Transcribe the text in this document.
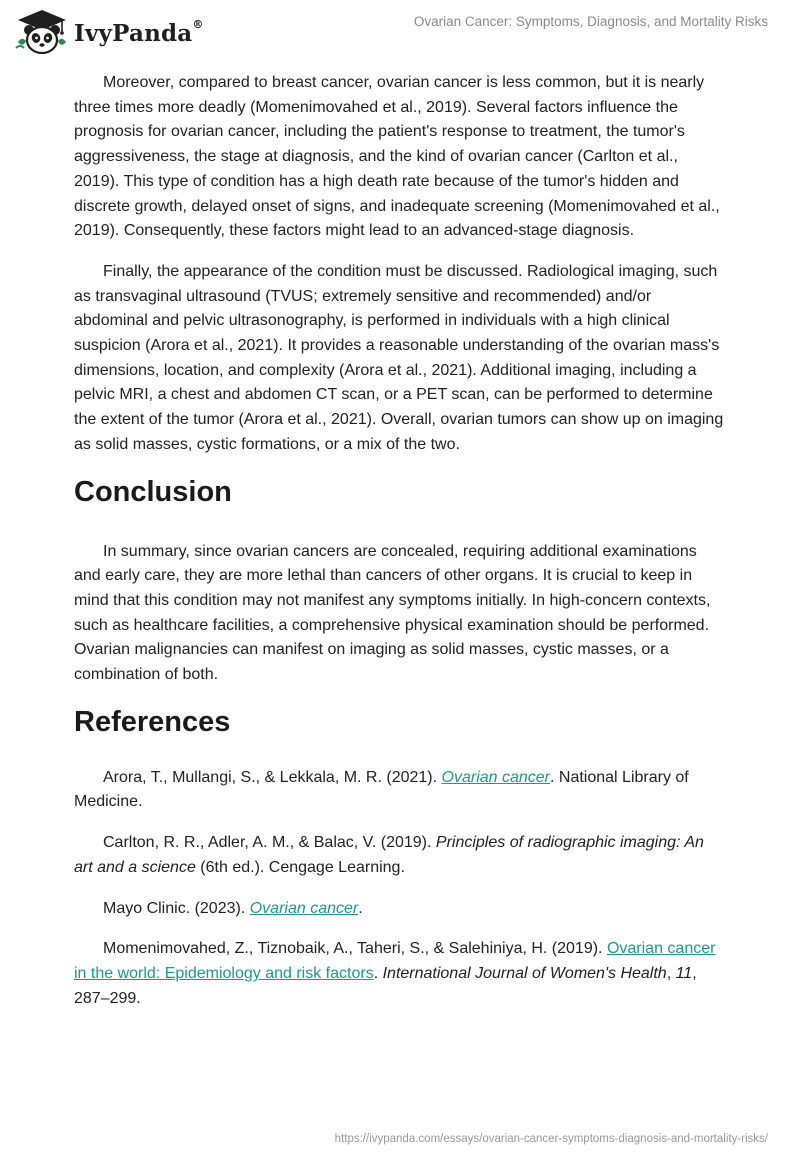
IvyPanda®	Ovarian Cancer: Symptoms, Diagnosis, and Mortality Risks

Moreover, compared to breast cancer, ovarian cancer is less common, but it is nearly three times more deadly (Momenimovahed et al., 2019). Several factors influence the prognosis for ovarian cancer, including the patient's response to treatment, the tumor's aggressiveness, the stage at diagnosis, and the kind of ovarian cancer (Carlton et al., 2019). This type of condition has a high death rate because of the tumor's hidden and discrete growth, delayed onset of signs, and inadequate screening (Momenimovahed et al., 2019). Consequently, these factors might lead to an advanced-stage diagnosis.

Finally, the appearance of the condition must be discussed. Radiological imaging, such as transvaginal ultrasound (TVUS; extremely sensitive and recommended) and/or abdominal and pelvic ultrasonography, is performed in individuals with a high clinical suspicion (Arora et al., 2021). It provides a reasonable understanding of the ovarian mass's dimensions, location, and complexity (Arora et al., 2021). Additional imaging, including a pelvic MRI, a chest and abdomen CT scan, or a PET scan, can be performed to determine the extent of the tumor (Arora et al., 2021). Overall, ovarian tumors can show up on imaging as solid masses, cystic formations, or a mix of the two.

Conclusion

In summary, since ovarian cancers are concealed, requiring additional examinations and early care, they are more lethal than cancers of other organs. It is crucial to keep in mind that this condition may not manifest any symptoms initially. In high-concern contexts, such as healthcare facilities, a comprehensive physical examination should be performed. Ovarian malignancies can manifest on imaging as solid masses, cystic masses, or a combination of both.

References

Arora, T., Mullangi, S., & Lekkala, M. R. (2021). Ovarian cancer. National Library of Medicine.

Carlton, R. R., Adler, A. M., & Balac, V. (2019). Principles of radiographic imaging: An art and a science (6th ed.). Cengage Learning.

Mayo Clinic. (2023). Ovarian cancer.

Momenimovahed, Z., Tiznobaik, A., Taheri, S., & Salehiniya, H. (2019). Ovarian cancer in the world: Epidemiology and risk factors. International Journal of Women's Health, 11, 287–299.

https://ivypanda.com/essays/ovarian-cancer-symptoms-diagnosis-and-mortality-risks/
